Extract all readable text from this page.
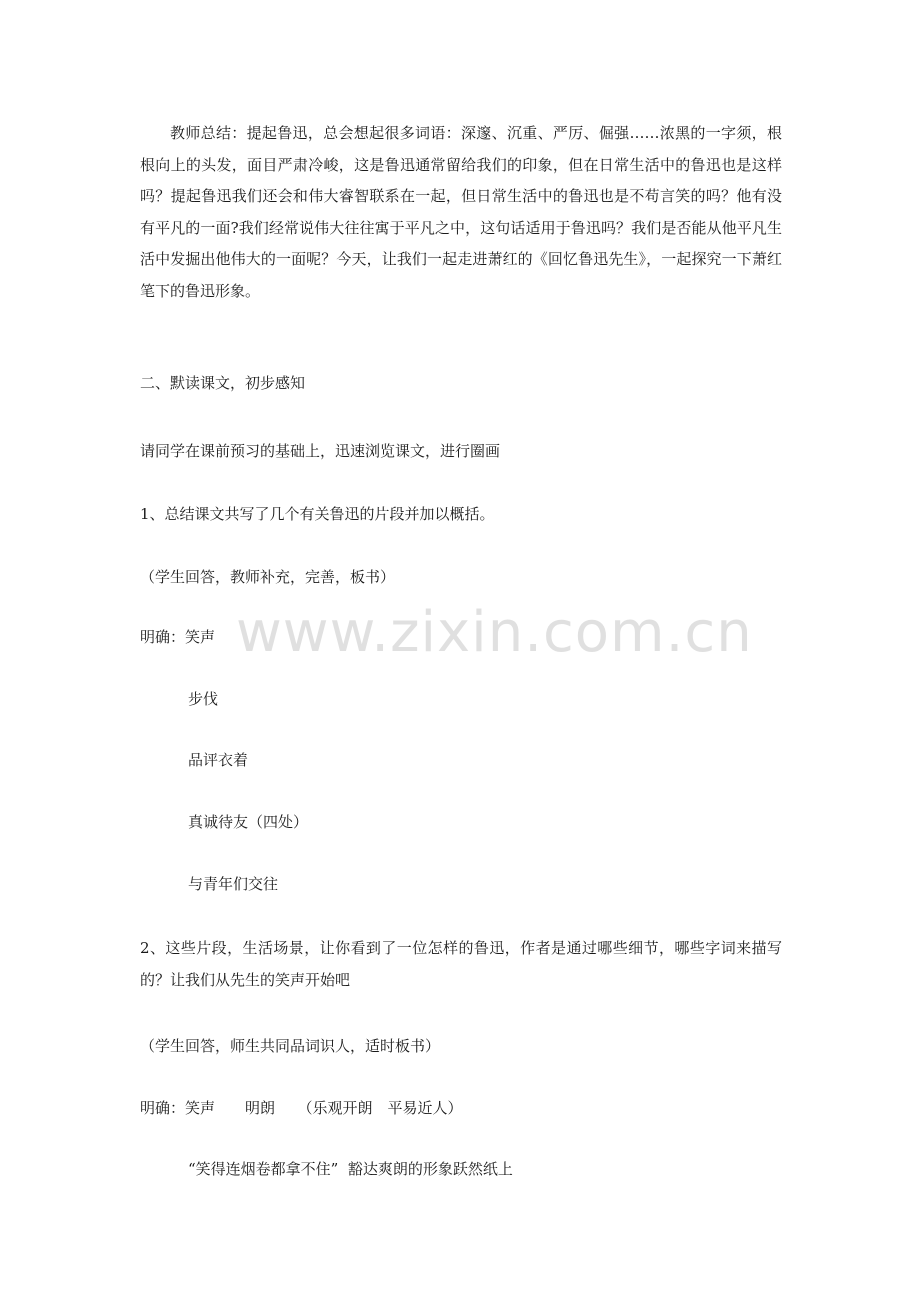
www.zixin.com.cn

教师总结：提起鲁迅，总会想起很多词语：深邃、沉重、严厉、倔强……浓黑的一字须，根根向上的头发，面目严肃冷峻，这是鲁迅通常留给我们的印象，但在日常生活中的鲁迅也是这样吗？提起鲁迅我们还会和伟大睿智联系在一起，但日常生活中的鲁迅也是不苟言笑的吗？他有没有平凡的一面?我们经常说伟大往往寓于平凡之中，这句话适用于鲁迅吗？我们是否能从他平凡生活中发掘出他伟大的一面呢？今天，让我们一起走进萧红的《回忆鲁迅先生》，一起探究一下萧红笔下的鲁迅形象。

二、默读课文，初步感知

请同学在课前预习的基础上，迅速浏览课文，进行圈画

1、总结课文共写了几个有关鲁迅的片段并加以概括。

（学生回答，教师补充，完善，板书）

明确：笑声

步伐

品评衣着

真诚待友（四处）

与青年们交往

2、这些片段，生活场景，让你看到了一位怎样的鲁迅，作者是通过哪些细节，哪些字词来描写的？让我们从先生的笑声开始吧

（学生回答，师生共同品词识人，适时板书）

明确：笑声　　明朗　　（乐观开朗　平易近人）

“笑得连烟卷都拿不住”  豁达爽朗的形象跃然纸上
